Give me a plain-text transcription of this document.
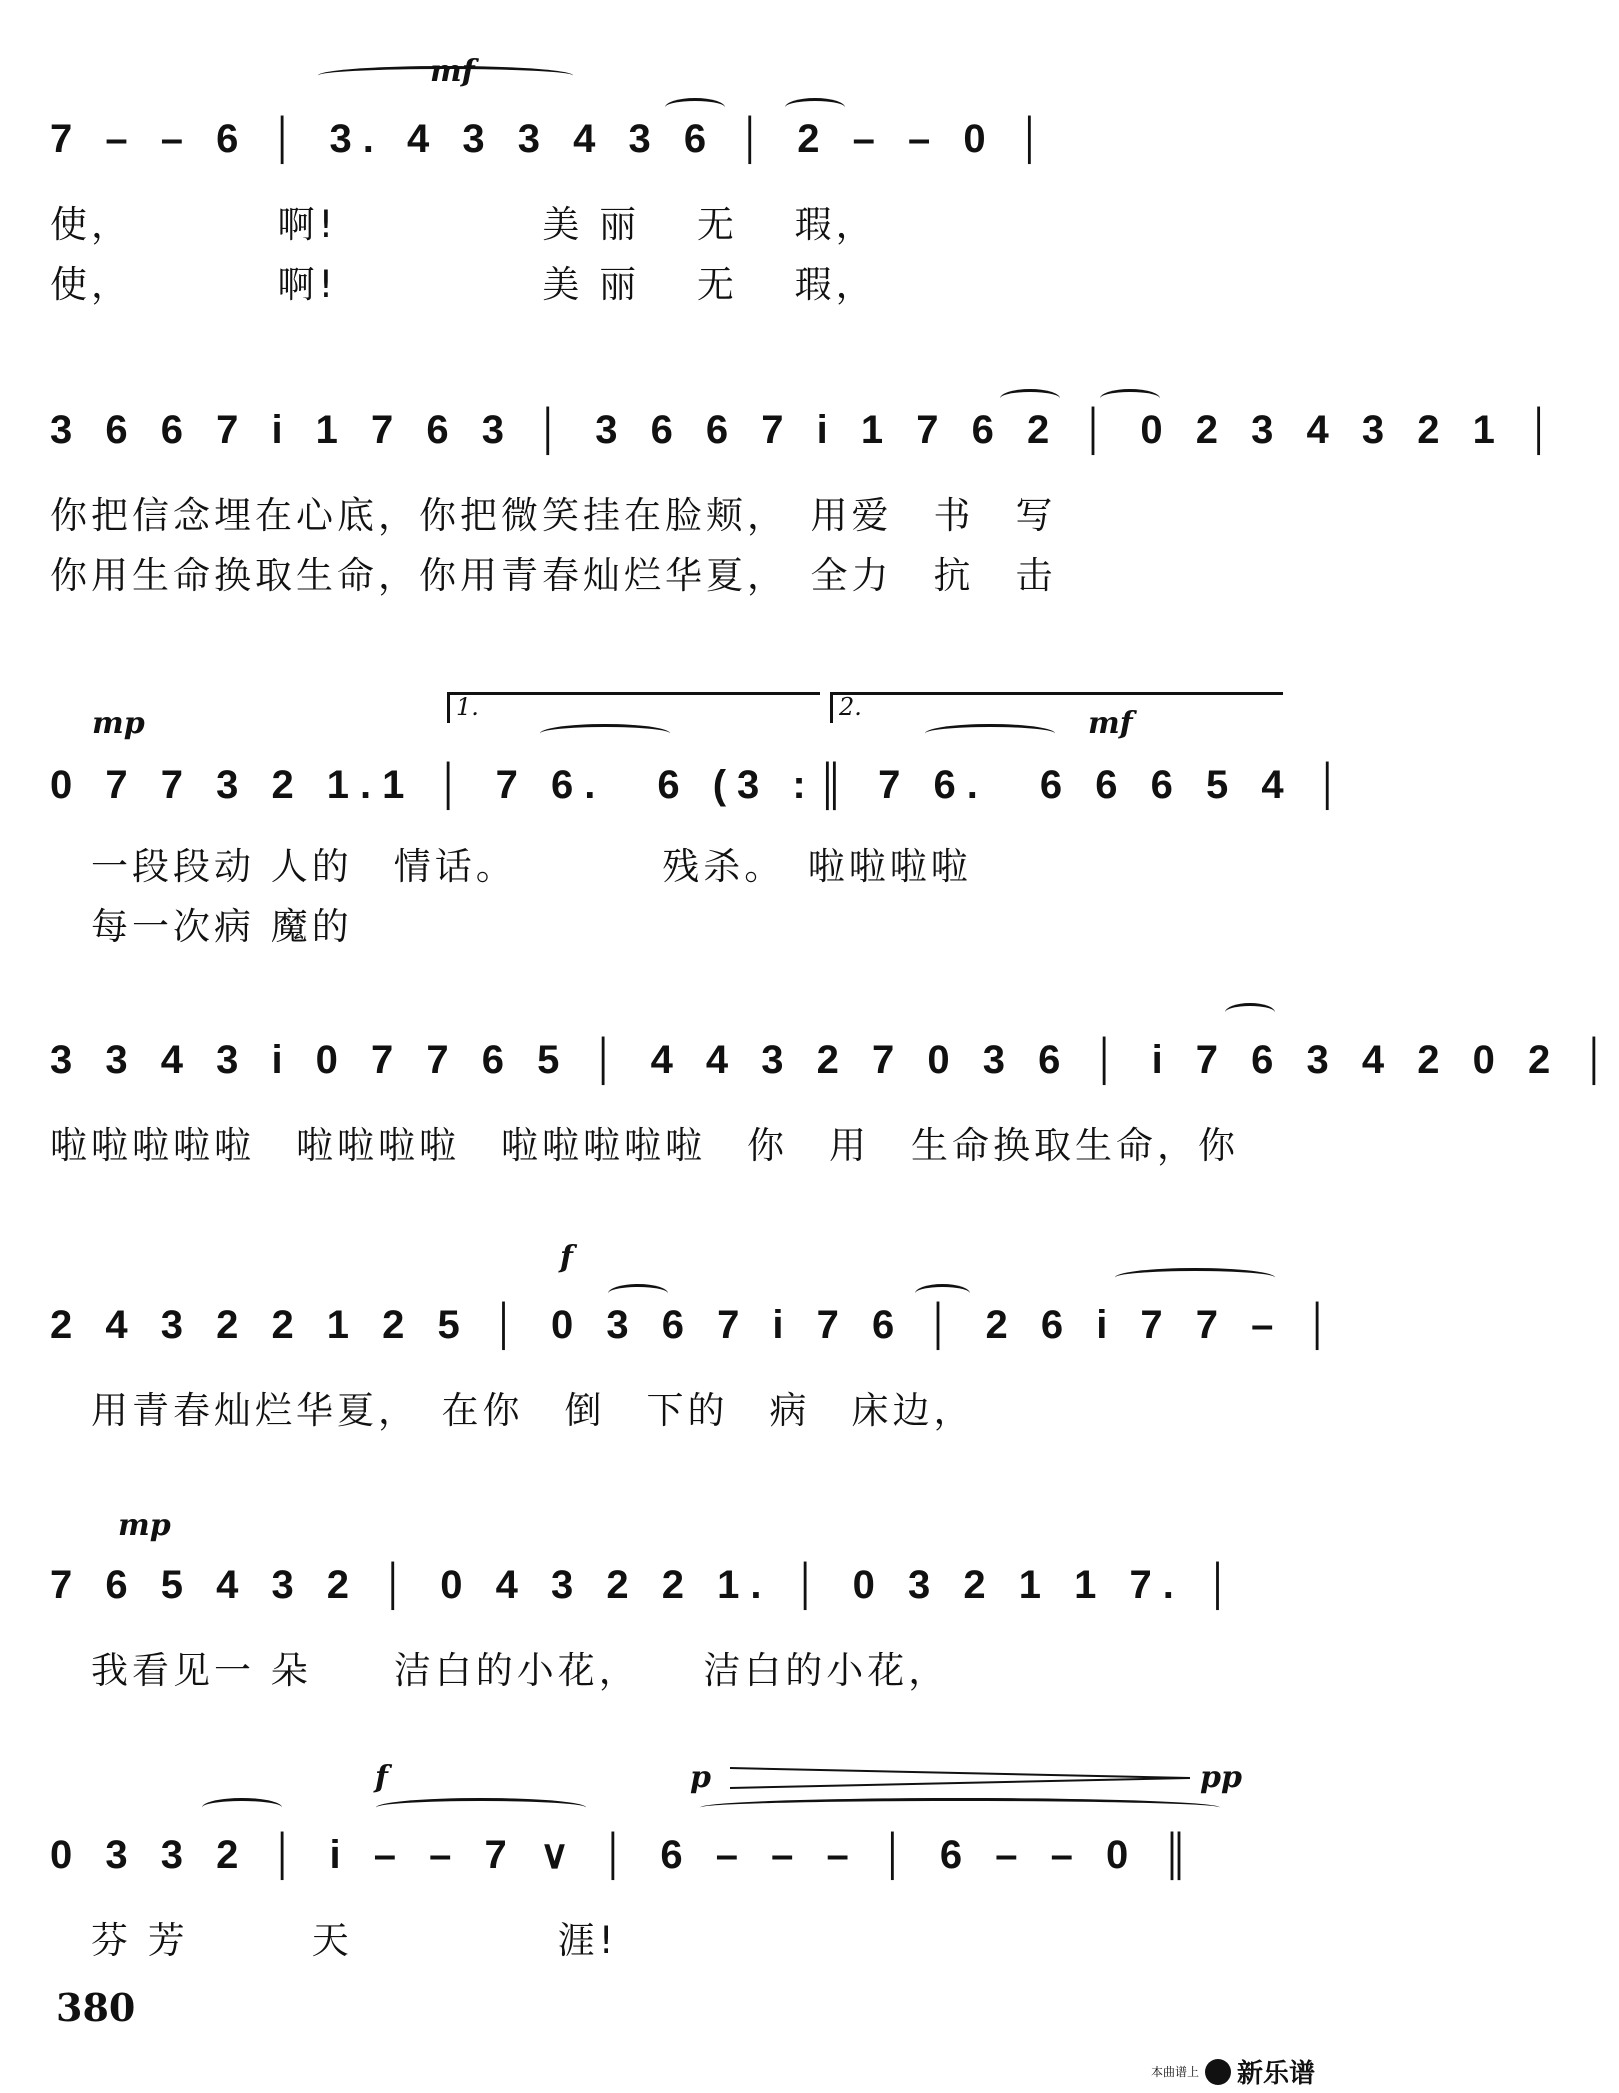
7 – – 6 │ 3. 4 3 3 4 3 6 │ 2 – – 0 │
mf
使，　　　　啊!　　　　　美 丽　 无　 瑕，
使，　　　　啊!　　　　　美 丽　 无　 瑕，
3 6 6 7 i 1 7 6 3 │ 3 6 6 7 i 1 7 6 2 │ 0 2 3 4 3 2 1 │
你把信念埋在心底，你把微笑挂在脸颊，　用爱　书　写
你用生命换取生命，你用青春灿烂华夏，　全力　抗　击
1.	2.
0 7 7 3 2 1.1 │ 7 6.　6 (3 :║ 7 6.　6 6 6 5 4 │
mp	mf
　一段段动 人的　情话。　　　　残杀。　啦啦啦啦
　每一次病 魔的
3 3 4 3 i 0 7 7 6 5 │ 4 4 3 2 7 0 3 6 │ i 7 6 3 4 2 0 2 │
啦啦啦啦啦　啦啦啦啦　啦啦啦啦啦　你　用　生命换取生命，你
2 4 3 2 2 1 2 5 │ 0 3 6 7 i 7 6 │ 2 6 i 7 7 – │
f
　用青春灿烂华夏，　在你　倒　下的　病　床边，
7 6 5 4 3 2 │ 0 4 3 2 2 1. │ 0 3 2 1 1 7. │
mp
　我看见一 朵　　洁白的小花，　　洁白的小花，
0 3 3 2 │ i – – 7 ∨ │ 6 – – – │ 6 – – 0 ║
f	p	pp
　芬 芳　　　天　　　　　涯!
380
本曲谱上 新乐谱
